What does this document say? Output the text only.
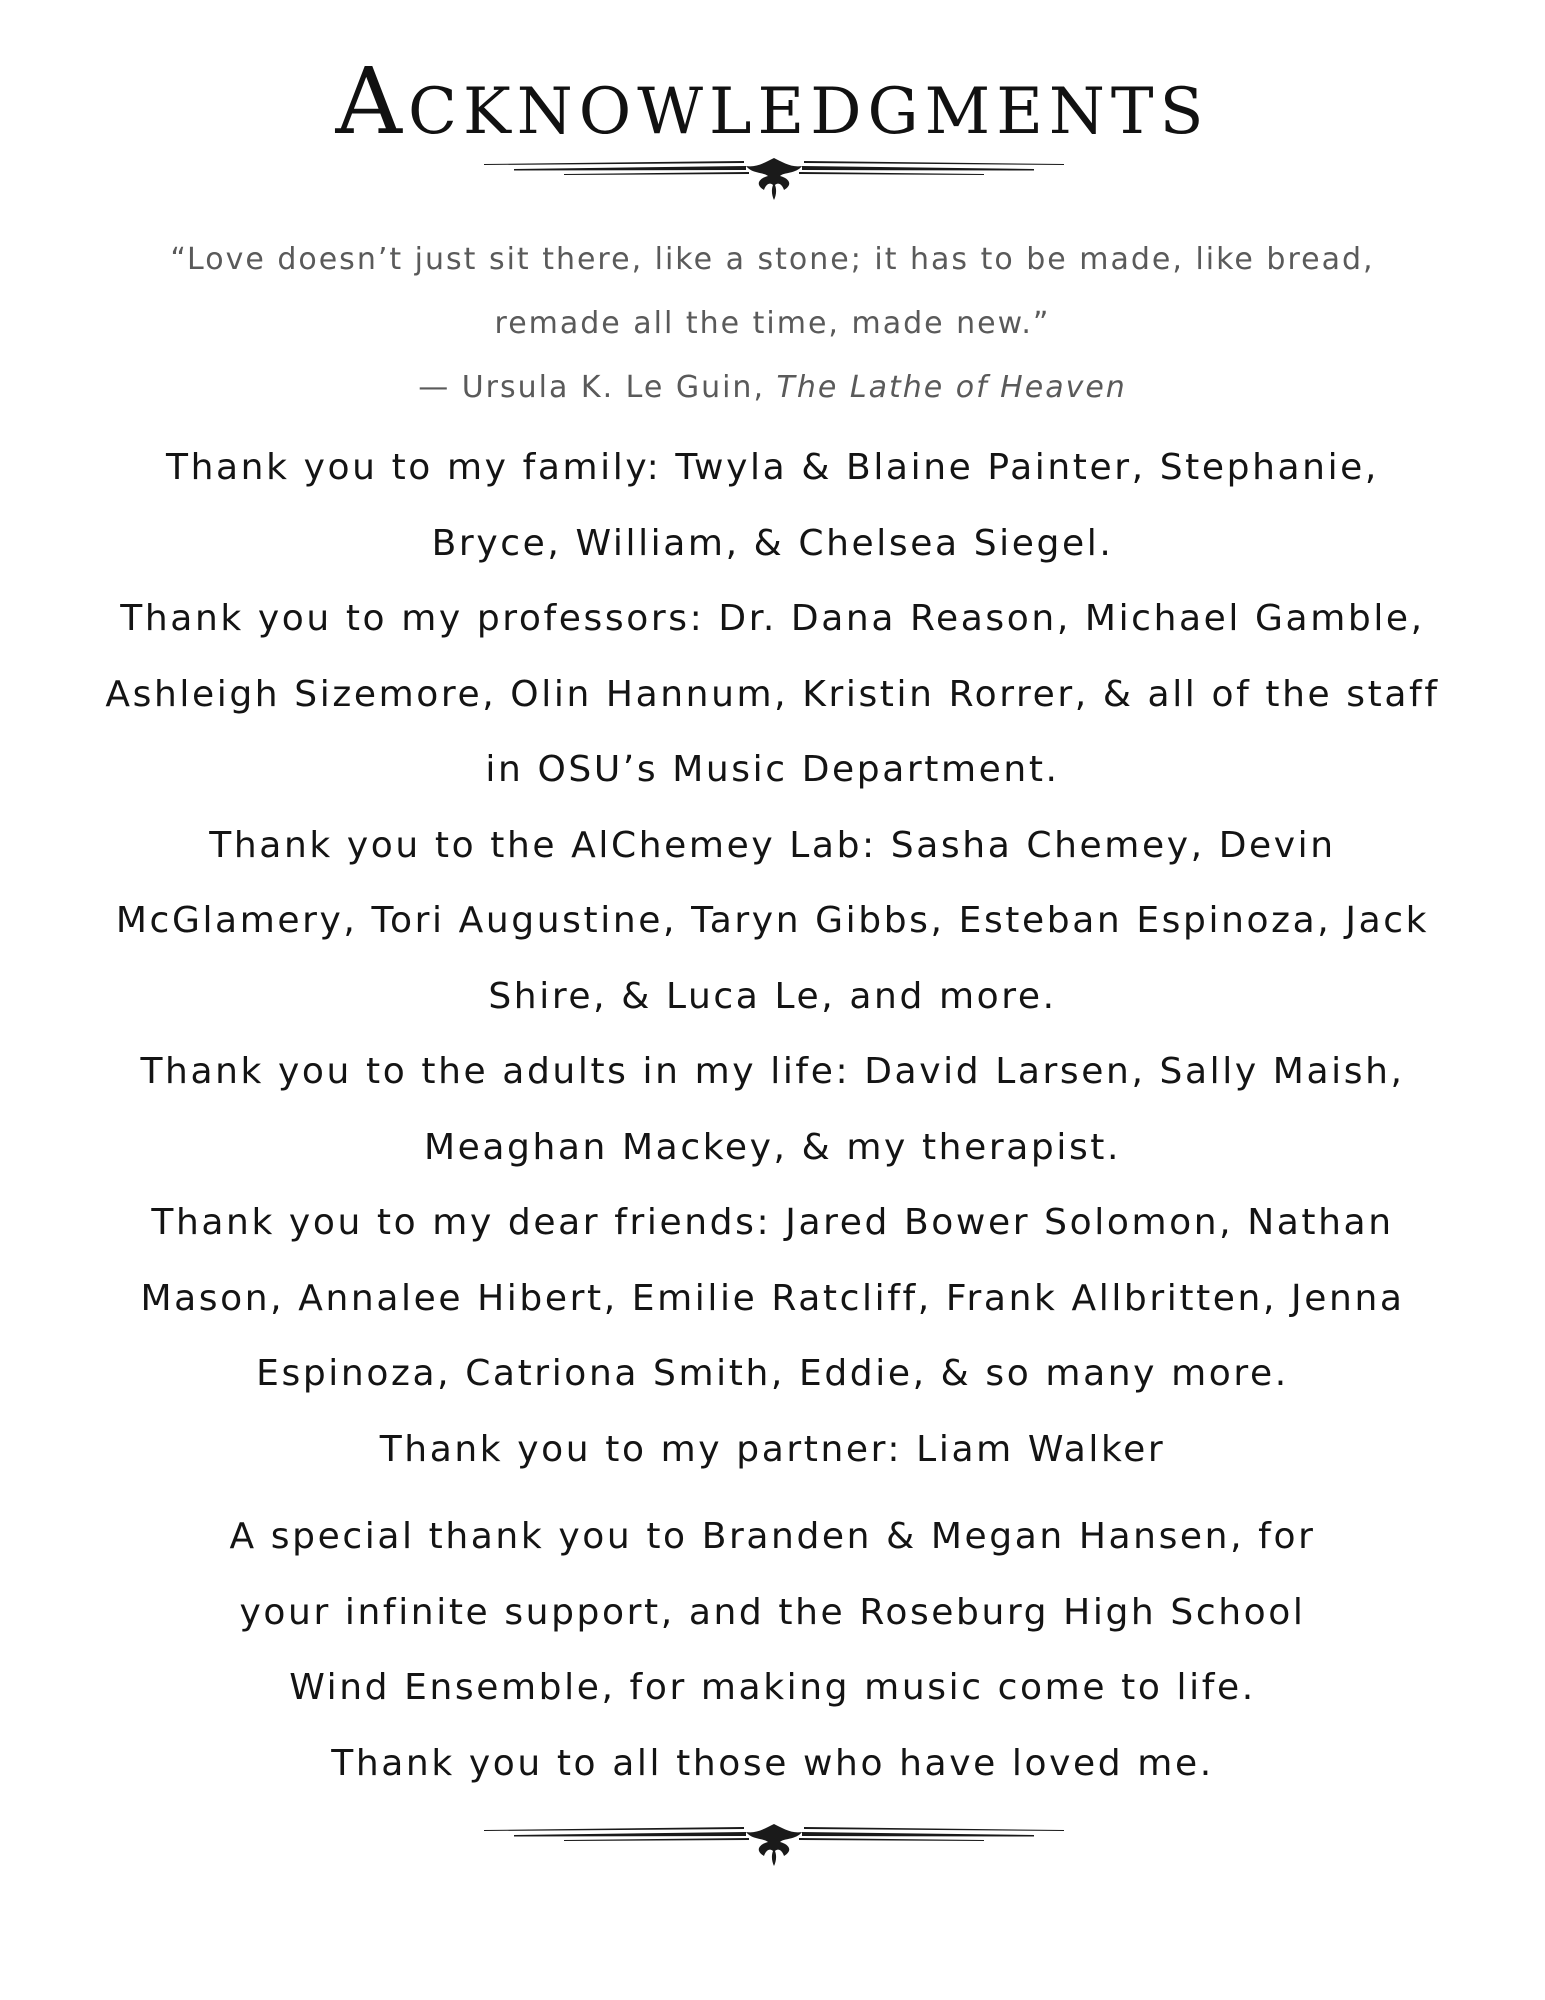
Acknowledgments
“Love doesn’t just sit there, like a stone; it has to be made, like bread,
remade all the time, made new.”
— Ursula K. Le Guin, The Lathe of Heaven
Thank you to my family: Twyla & Blaine Painter, Stephanie,
Bryce, William, & Chelsea Siegel.
Thank you to my professors: Dr. Dana Reason, Michael Gamble,
Ashleigh Sizemore, Olin Hannum, Kristin Rorrer, & all of the staff
in OSU’s Music Department.
Thank you to the AlChemey Lab: Sasha Chemey, Devin
McGlamery, Tori Augustine, Taryn Gibbs, Esteban Espinoza, Jack
Shire, & Luca Le, and more.
Thank you to the adults in my life: David Larsen, Sally Maish,
Meaghan Mackey, & my therapist.
Thank you to my dear friends: Jared Bower Solomon, Nathan
Mason, Annalee Hibert, Emilie Ratcliff, Frank Allbritten, Jenna
Espinoza, Catriona Smith, Eddie, & so many more.
Thank you to my partner: Liam Walker
A special thank you to Branden & Megan Hansen, for
your infinite support, and the Roseburg High School
Wind Ensemble, for making music come to life.
Thank you to all those who have loved me.
